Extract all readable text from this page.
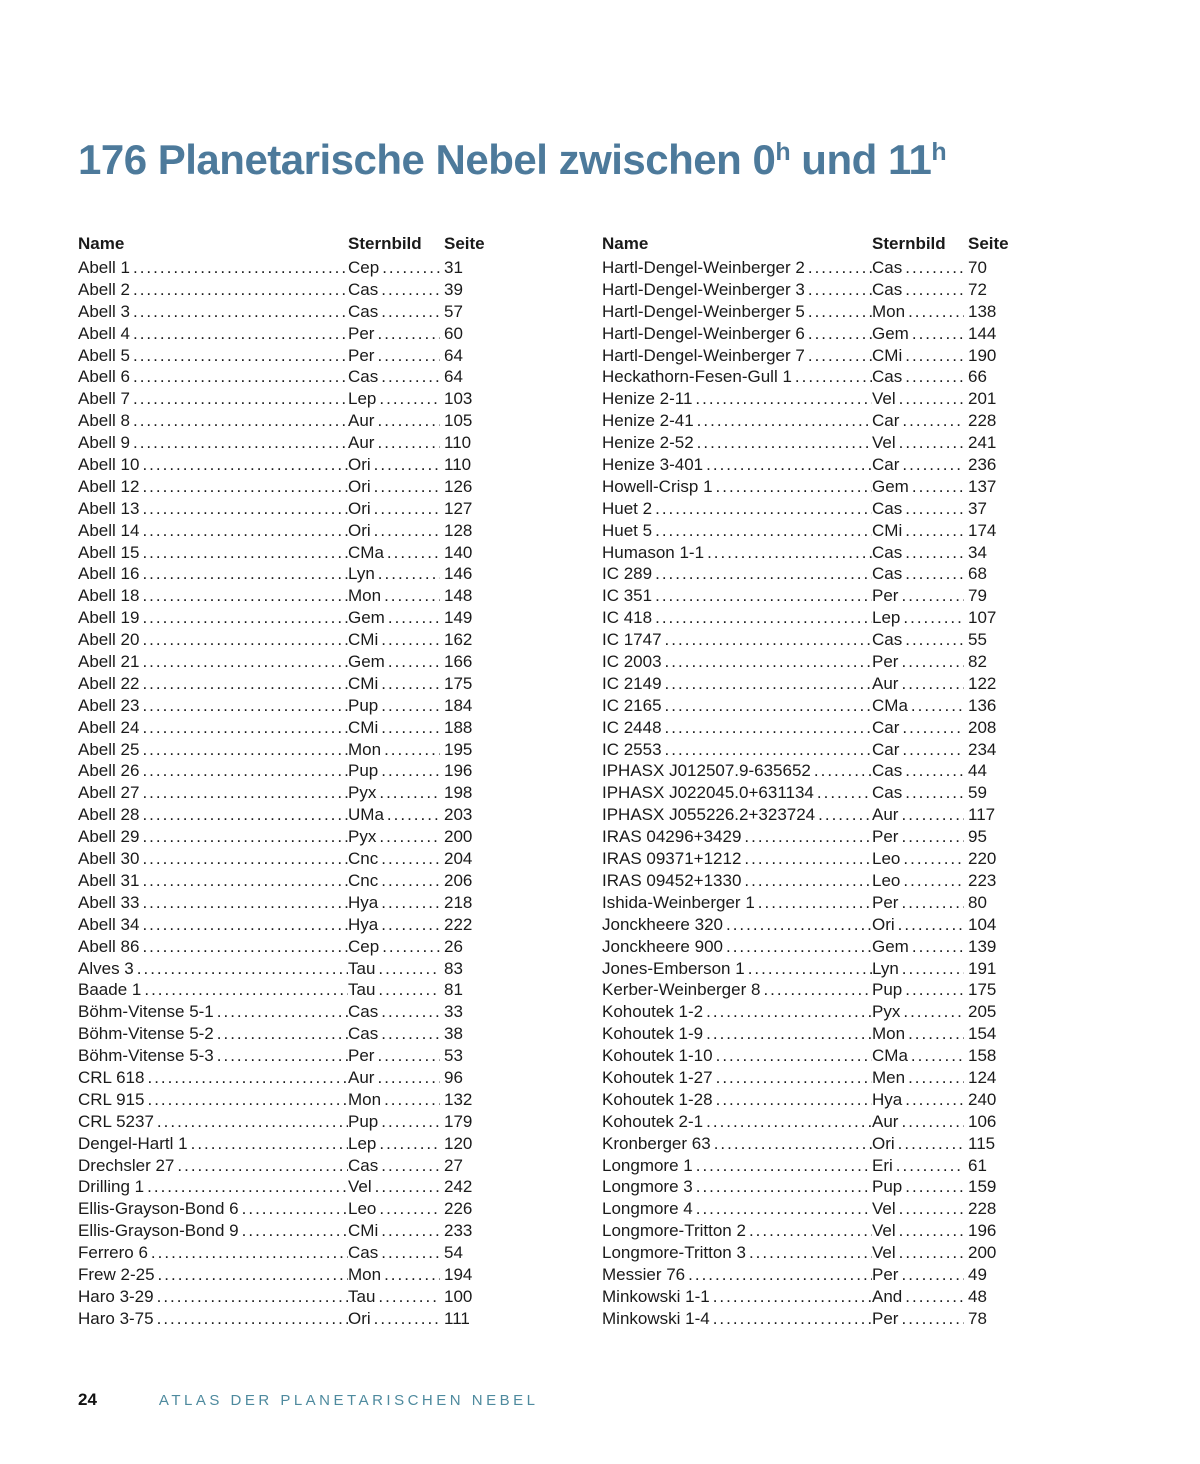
176 Planetarische Nebel zwischen 0$^h$ und 11$^h$
Name	Sternbild	Seite
Abell 1 .....	Cep .....	31
Abell 2 .....	Cas .....	39
Abell 3 .....	Cas .....	57
Abell 4 .....	Per .....	60
Abell 5 .....	Per .....	64
Abell 6 .....	Cas .....	64
Abell 7 .....	Lep .....	103
Abell 8 .....	Aur .....	105
Abell 9 .....	Aur .....	110
Abell 10 .....	Ori .....	110
Abell 12 .....	Ori .....	126
Abell 13 .....	Ori .....	127
Abell 14 .....	Ori .....	128
Abell 15 .....	CMa .....	140
Abell 16 .....	Lyn .....	146
Abell 18 .....	Mon .....	148
Abell 19 .....	Gem .....	149
Abell 20 .....	CMi .....	162
Abell 21 .....	Gem .....	166
Abell 22 .....	CMi .....	175
Abell 23 .....	Pup .....	184
Abell 24 .....	CMi .....	188
Abell 25 .....	Mon .....	195
Abell 26 .....	Pup .....	196
Abell 27 .....	Pyx .....	198
Abell 28 .....	UMa .....	203
Abell 29 .....	Pyx .....	200
Abell 30 .....	Cnc .....	204
Abell 31 .....	Cnc .....	206
Abell 33 .....	Hya .....	218
Abell 34 .....	Hya .....	222
Abell 86 .....	Cep .....	26
Alves 3 .....	Tau .....	83
Baade 1 .....	Tau .....	81
Böhm-Vitense 5-1 .....	Cas .....	33
Böhm-Vitense 5-2 .....	Cas .....	38
Böhm-Vitense 5-3 .....	Per .....	53
CRL 618 .....	Aur .....	96
CRL 915 .....	Mon .....	132
CRL 5237 .....	Pup .....	179
Dengel-Hartl 1 .....	Lep .....	120
Drechsler 27 .....	Cas .....	27
Drilling 1 .....	Vel .....	242
Ellis-Grayson-Bond 6 .....	Leo .....	226
Ellis-Grayson-Bond 9 .....	CMi .....	233
Ferrero 6 .....	Cas .....	54
Frew 2-25 .....	Mon .....	194
Haro 3-29 .....	Tau .....	100
Haro 3-75 .....	Ori .....	111
Name	Sternbild	Seite
Hartl-Dengel-Weinberger 2 .....	Cas .....	70
Hartl-Dengel-Weinberger 3 .....	Cas .....	72
Hartl-Dengel-Weinberger 5 .....	Mon .....	138
Hartl-Dengel-Weinberger 6 .....	Gem .....	144
Hartl-Dengel-Weinberger 7 .....	CMi .....	190
Heckathorn-Fesen-Gull 1 .....	Cas .....	66
Henize 2-11 .....	Vel .....	201
Henize 2-41 .....	Car .....	228
Henize 2-52 .....	Vel .....	241
Henize 3-401 .....	Car .....	236
Howell-Crisp 1 .....	Gem .....	137
Huet 2 .....	Cas .....	37
Huet 5 .....	CMi .....	174
Humason 1-1 .....	Cas .....	34
IC 289 .....	Cas .....	68
IC 351 .....	Per .....	79
IC 418 .....	Lep .....	107
IC 1747 .....	Cas .....	55
IC 2003 .....	Per .....	82
IC 2149 .....	Aur .....	122
IC 2165 .....	CMa .....	136
IC 2448 .....	Car .....	208
IC 2553 .....	Car .....	234
IPHASX J012507.9-635652 .....	Cas .....	44
IPHASX J022045.0+631134 .....	Cas .....	59
IPHASX J055226.2+323724 .....	Aur .....	117
IRAS 04296+3429 .....	Per .....	95
IRAS 09371+1212 .....	Leo .....	220
IRAS 09452+1330 .....	Leo .....	223
Ishida-Weinberger 1 .....	Per .....	80
Jonckheere 320 .....	Ori .....	104
Jonckheere 900 .....	Gem .....	139
Jones-Emberson 1 .....	Lyn .....	191
Kerber-Weinberger 8 .....	Pup .....	175
Kohoutek 1-2 .....	Pyx .....	205
Kohoutek 1-9 .....	Mon .....	154
Kohoutek 1-10 .....	CMa .....	158
Kohoutek 1-27 .....	Men .....	124
Kohoutek 1-28 .....	Hya .....	240
Kohoutek 2-1 .....	Aur .....	106
Kronberger 63 .....	Ori .....	115
Longmore 1 .....	Eri .....	61
Longmore 3 .....	Pup .....	159
Longmore 4 .....	Vel .....	228
Longmore-Tritton 2 .....	Vel .....	196
Longmore-Tritton 3 .....	Vel .....	200
Messier 76 .....	Per .....	49
Minkowski 1-1 .....	And .....	48
Minkowski 1-4 .....	Per .....	78
24	ATLAS DER PLANETARISCHEN NEBEL
